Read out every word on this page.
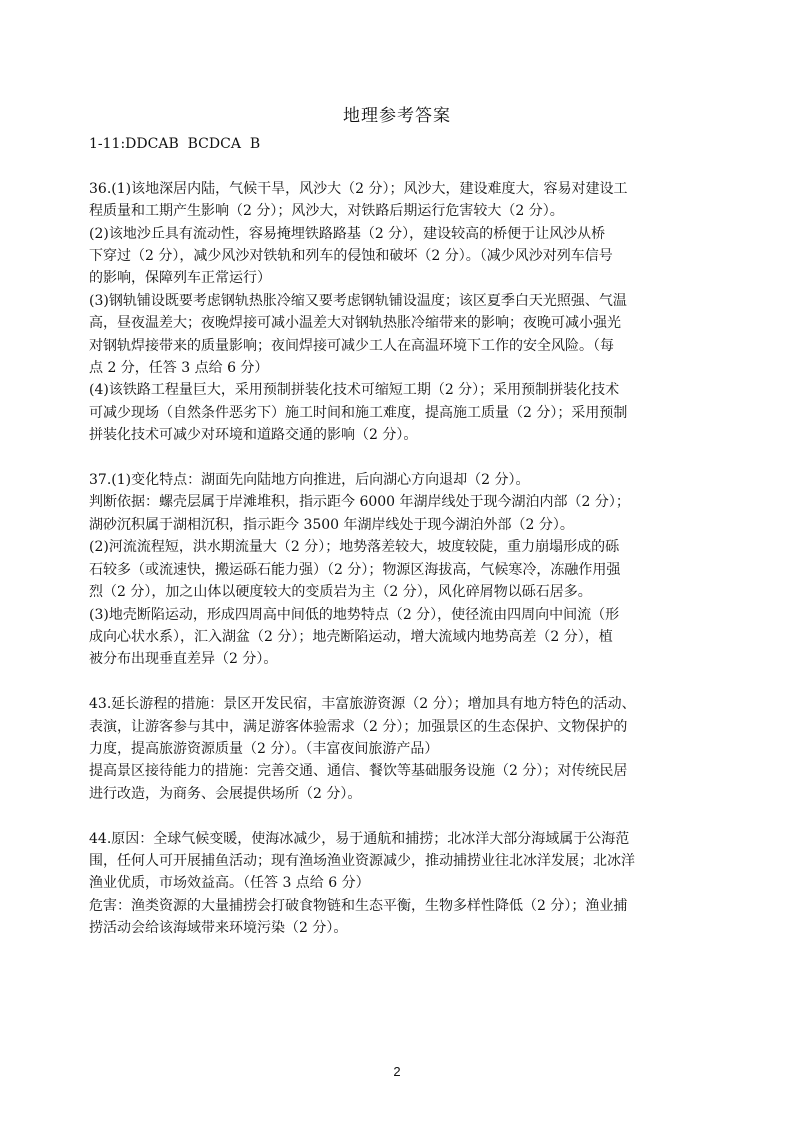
地理参考答案
1-11:DDCAB  BCDCA  B
36.(1)该地深居内陆，气候干旱，风沙大（2 分）；风沙大，建设难度大，容易对建设工
程质量和工期产生影响（2 分）；风沙大，对铁路后期运行危害较大（2 分）。
(2)该地沙丘具有流动性，容易掩埋铁路路基（2 分），建设较高的桥便于让风沙从桥
下穿过（2 分），减少风沙对铁轨和列车的侵蚀和破坏（2 分）。（减少风沙对列车信号
的影响，保障列车正常运行）
(3)钢轨铺设既要考虑钢轨热胀冷缩又要考虑钢轨铺设温度；该区夏季白天光照强、气温
高，昼夜温差大；夜晚焊接可减小温差大对钢轨热胀冷缩带来的影响；夜晚可减小强光
对钢轨焊接带来的质量影响；夜间焊接可减少工人在高温环境下工作的安全风险。（每
点 2 分，任答 3 点给 6 分）
(4)该铁路工程量巨大，采用预制拼装化技术可缩短工期（2 分）；采用预制拼装化技术
可减少现场（自然条件恶劣下）施工时间和施工难度，提高施工质量（2 分）；采用预制
拼装化技术可减少对环境和道路交通的影响（2 分）。
37.(1)变化特点：湖面先向陆地方向推进，后向湖心方向退却（2 分）。
判断依据：螺壳层属于岸滩堆积，指示距今 6000 年湖岸线处于现今湖泊内部（2 分）；
湖砂沉积属于湖相沉积，指示距今 3500 年湖岸线处于现今湖泊外部（2 分）。
(2)河流流程短，洪水期流量大（2 分）；地势落差较大，坡度较陡，重力崩塌形成的砾
石较多（或流速快，搬运砾石能力强）（2 分）；物源区海拔高，气候寒冷，冻融作用强
烈（2 分），加之山体以硬度较大的变质岩为主（2 分），风化碎屑物以砾石居多。
(3)地壳断陷运动，形成四周高中间低的地势特点（2 分），使径流由四周向中间流（形
成向心状水系），汇入湖盆（2 分）；地壳断陷运动，增大流域内地势高差（2 分），植
被分布出现垂直差异（2 分）。
43.延长游程的措施：景区开发民宿，丰富旅游资源（2 分）；增加具有地方特色的活动、
表演，让游客参与其中，满足游客体验需求（2 分）；加强景区的生态保护、文物保护的
力度，提高旅游资源质量（2 分）。（丰富夜间旅游产品）
提高景区接待能力的措施：完善交通、通信、餐饮等基础服务设施（2 分）；对传统民居
进行改造，为商务、会展提供场所（2 分）。
44.原因：全球气候变暖，使海冰减少，易于通航和捕捞；北冰洋大部分海域属于公海范
围，任何人可开展捕鱼活动；现有渔场渔业资源减少，推动捕捞业往北冰洋发展；北冰洋
渔业优质，市场效益高。（任答 3 点给 6 分）
危害：渔类资源的大量捕捞会打破食物链和生态平衡，生物多样性降低（2 分）；渔业捕
捞活动会给该海域带来环境污染（2 分）。
2
